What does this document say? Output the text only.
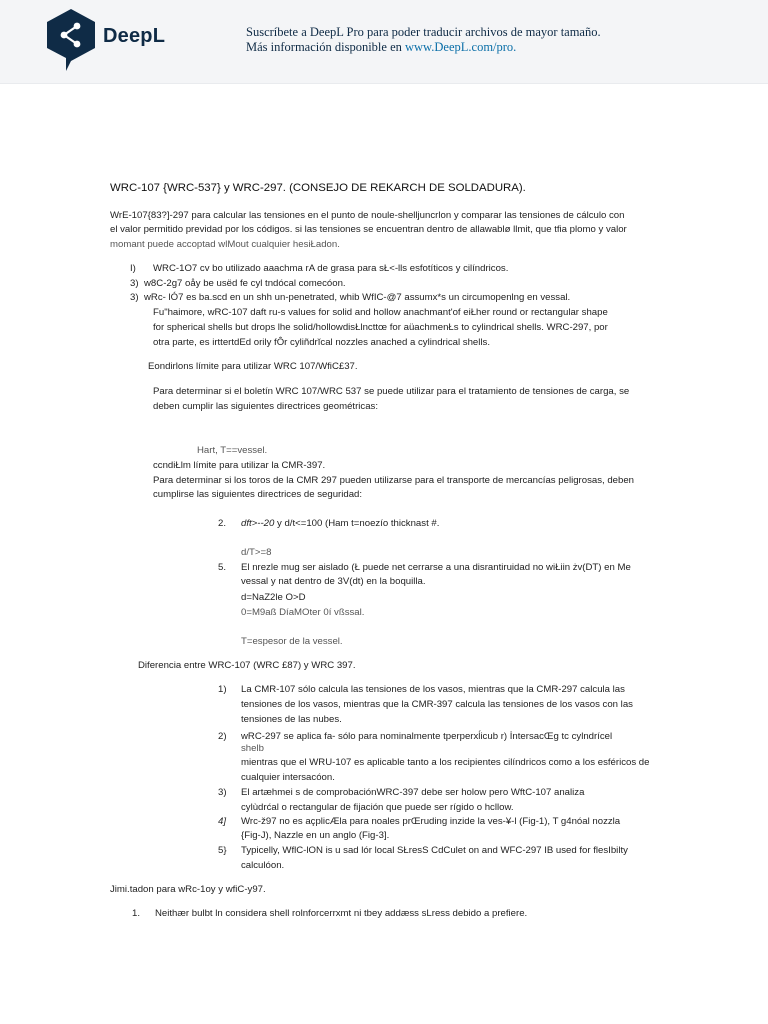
DeepL	Suscríbete a DeepL Pro para poder traducir archivos de mayor tamaño.
Más información disponible en www.DeepL.com/pro.
WRC-107 {WRC-537} y WRC-297. (CONSEJO DE REKARCH DE SOLDADURA).
WrE-107{83?]-297 para calcular las tensiones en el punto de noule-shelljuncrlon y comparar las tensiones de cálculo con
el valor permitido previdad por los códigos. si las tensiones se encuentran dentro de allawablø llmit, que tfia plomo y valor
momant puede accoptad wlMout cualquier hesiŁadon.
I) WRC-1O7 cv bo utilizado aaachma rA de grasa para sŁ<-lls esfotíticos y cilíndricos.
3) w8C-2g7 oåy be usëd fe cyl tndócal comecóon.
3) wRc- lÓ7 es ba.scd en un shh un-penetrated, whib WfIC-@7 assumx*s un circumopenlng en vessal.
Fu"haimore, wRC-107 daft ru-s values for solid and hollow anachmant'of eiŁher round or rectangular shape
for spherical shells but drops lhe solid/hollowdisŁlncttœ for aüachmenŁs to cylindrical shells. WRC-297, por
otra parte, es irttertdEd orily fÔr cyliñdrĭcal nozzles anached a cylindrical shells.
Eondirlons límite para utilizar WRC 107/WfiC£37.
Para determinar si el boletín WRC 107/WRC 537 se puede utilizar para el tratamiento de tensiones de carga, se
deben cumplir las siguientes directrices geométricas:
Hart, T==vessel.
ccndiŁlm límite para utilizar la CMR-397.
Para determinar si los toros de la CMR 297 pueden utilizarse para el transporte de mercancías peligrosas, deben
cumplirse las siguientes directrices de seguridad:
2. dft>--20 y d/t<=100 (Ham t=noezío thicknast #.
d/T>=8
5. El nrezle mug ser aislado (Ł puede net cerrarse a una disrantiruidad no wiŁiin żv(DT) en Me
vessal y nat dentro de 3V(dt) en la boquilla.
d=NaZ2le O>D
0=M9aß DíaMOter 0í vßssal.
T=espesor de la vessel.
Diferencia entre WRC-107 (WRC £87) y WRC 397.
1) La CMR-107 sólo calcula las tensiones de los vasos, mientras que la CMR-297 calcula las
tensiones de los vasos, mientras que la CMR-397 calcula las tensiones de los vasos con las
tensiones de las nubes.
2) wRC-297 se aplica fa- sólo para nominalmente tperperxĺicub r) İntersacŒg tc cylndrícel
shelb
mientras que el WRU-107 es aplicable tanto a los recipientes cilíndricos como a los esféricos de
cualquier intersacóon.
3) El artæhmei s de comprobaciónWRC-397 debe ser holow pero WftC-107 analiza
cylùdrćal o rectangular de fijación que puede ser rígido o hcllow.
4] Wrc-ž97 no es açplicÆla para noales prŒruding inzide la ves-¥-l (Fig-1), T g4nóal nozzla
{Fig-J), Nazzle en un anglo (Fig-3].
5} Typicelly, WflC-lON is u sad lór local SŁresS CdCulet on and WFC-297 IB used for flesIbilty
calculóon.
Jimi.tadon para wRc-1oy y wfiC-y97.
1. Neithær bulbt ln considera shell rolnforcerrxmt ni tbey addæss sLress debido a prefiere.
